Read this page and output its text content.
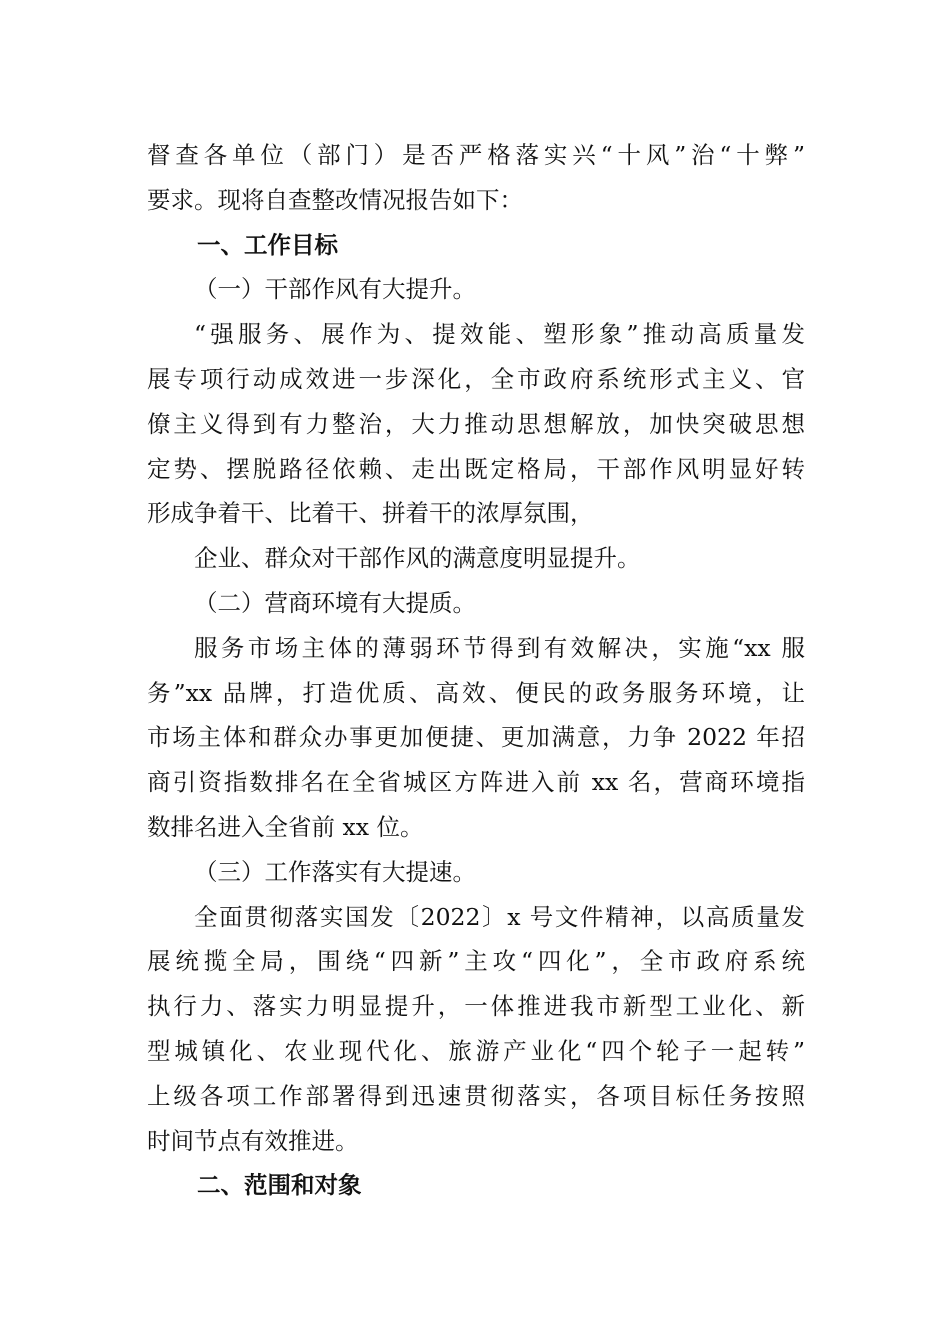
督查各单位（部门）是否严格落实兴“十风”治“十弊”
要求。现将自查整改情况报告如下：
一、工作目标
（一）干部作风有大提升。
“强服务、展作为、提效能、塑形象”推动高质量发
展专项行动成效进一步深化，全市政府系统形式主义、官
僚主义得到有力整治，大力推动思想解放，加快突破思想
定势、摆脱路径依赖、走出既定格局，干部作风明显好转
形成争着干、比着干、拼着干的浓厚氛围，
企业、群众对干部作风的满意度明显提升。
（二）营商环境有大提质。
服务市场主体的薄弱环节得到有效解决，实施“xx 服
务”xx 品牌，打造优质、高效、便民的政务服务环境，让
市场主体和群众办事更加便捷、更加满意，力争 2022 年招
商引资指数排名在全省城区方阵进入前 xx 名，营商环境指
数排名进入全省前 xx 位。
（三）工作落实有大提速。
全面贯彻落实国发〔2022〕x 号文件精神，以高质量发
展统揽全局，围绕“四新”主攻“四化”，全市政府系统
执行力、落实力明显提升，一体推进我市新型工业化、新
型城镇化、农业现代化、旅游产业化“四个轮子一起转”
上级各项工作部署得到迅速贯彻落实，各项目标任务按照
时间节点有效推进。
二、范围和对象
